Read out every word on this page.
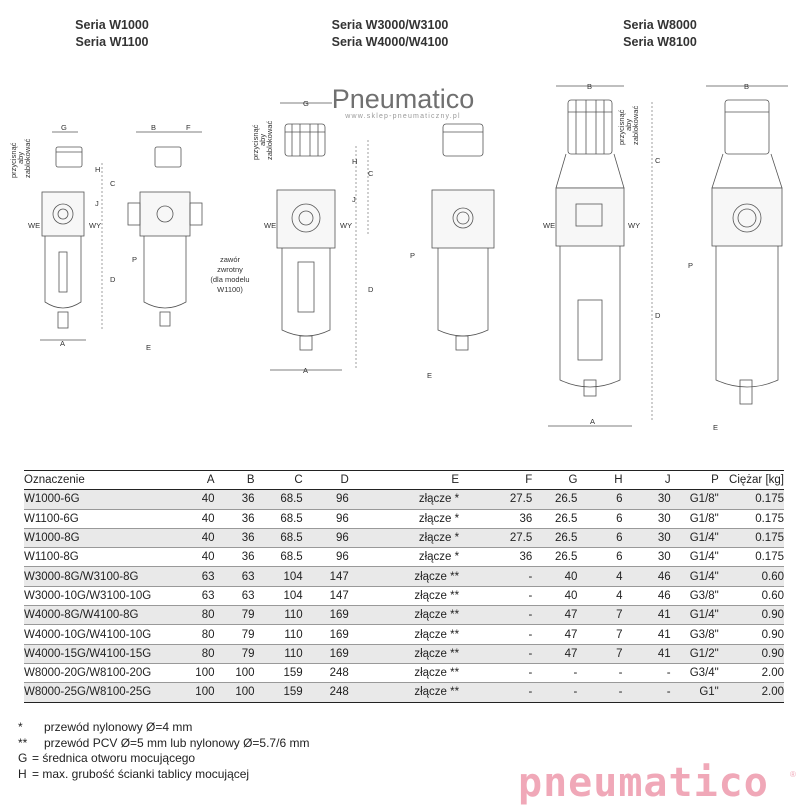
Seria W1000
Seria W1100
Seria W3000/W3100
Seria W4000/W4100
Seria W8000
Seria W8100
Pneumatico
www.sklep-pneumaticzny.pl
G	B	F
H
C
J
WE	WY
D
A
P
E
G
H
C
J
WE	WY
D
A
P
E
B	B
C
WE	WY
D
A
P
E
przycisnąć
aby
zablokować	przycisnąć
aby
zablokować	przycisnąć
aby
zablokować
zawór
zwrotny
(dla modelu
W1100)
Oznaczenie	A	B	C	D	E	F	G	H	J	P	Ciężar [kg]
W1000-6G	40	36	68.5	96	złącze *	27.5	26.5	6	30	G1/8"	0.175
W1100-6G	40	36	68.5	96	złącze *	36	26.5	6	30	G1/8"	0.175
W1000-8G	40	36	68.5	96	złącze *	27.5	26.5	6	30	G1/4"	0.175
W1100-8G	40	36	68.5	96	złącze *	36	26.5	6	30	G1/4"	0.175
W3000-8G/W3100-8G	63	63	104	147	złącze **	-	40	4	46	G1/4"	0.60
W3000-10G/W3100-10G	63	63	104	147	złącze **	-	40	4	46	G3/8"	0.60
W4000-8G/W4100-8G	80	79	110	169	złącze **	-	47	7	41	G1/4"	0.90
W4000-10G/W4100-10G	80	79	110	169	złącze **	-	47	7	41	G3/8"	0.90
W4000-15G/W4100-15G	80	79	110	169	złącze **	-	47	7	41	G1/2"	0.90
W8000-20G/W8100-20G	100	100	159	248	złącze **	-	-	-	-	G3/4"	2.00
W8000-25G/W8100-25G	100	100	159	248	złącze **	-	-	-	-	G1"	2.00
*	przewód nylonowy Ø=4 mm
**	przewód PCV Ø=5 mm lub nylonowy Ø=5.7/6 mm
G = średnica otworu mocującego
H = max. grubość ścianki tablicy mocującej	pneumatico	®
